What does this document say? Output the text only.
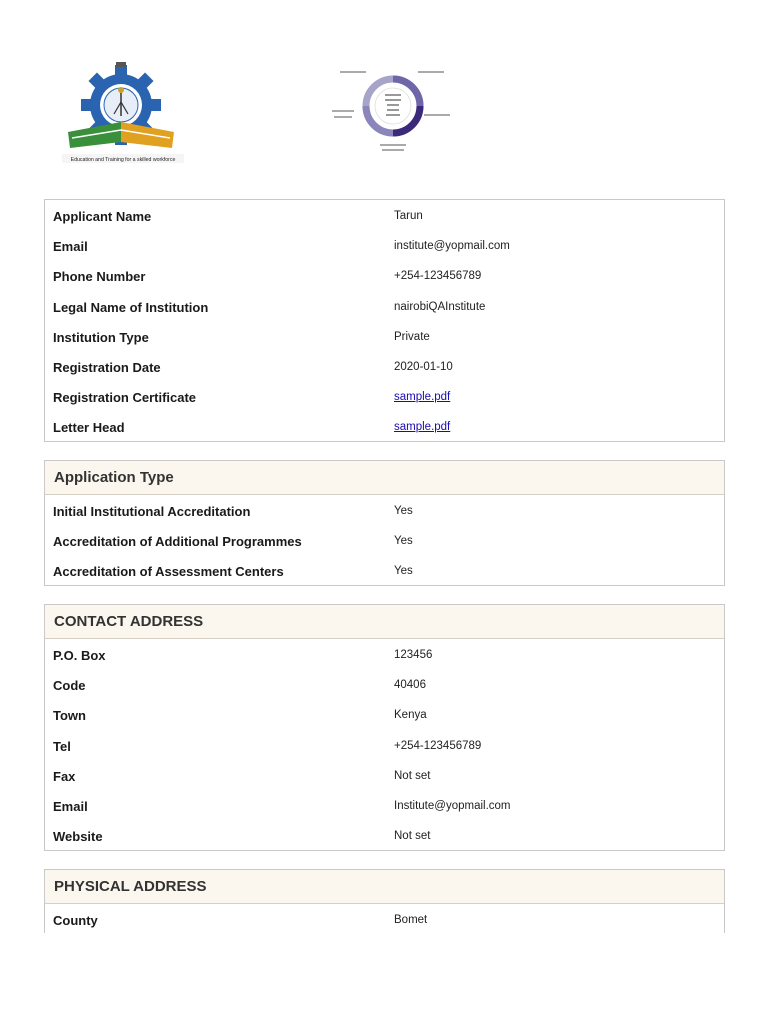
Education and Training for a skilled workforce
Applicant Name	Tarun
Email	institute@yopmail.com
Phone Number	+254-123456789
Legal Name of Institution	nairobiQAInstitute
Institution Type	Private
Registration Date	2020-01-10
Registration Certificate	sample.pdf
Letter Head	sample.pdf
Application Type
Initial Institutional Accreditation	Yes
Accreditation of Additional Programmes	Yes
Accreditation of Assessment Centers	Yes
CONTACT ADDRESS
P.O. Box	123456
Code	40406
Town	Kenya
Tel	+254-123456789
Fax	Not set
Email	Institute@yopmail.com
Website	Not set
PHYSICAL ADDRESS
County	Bomet
